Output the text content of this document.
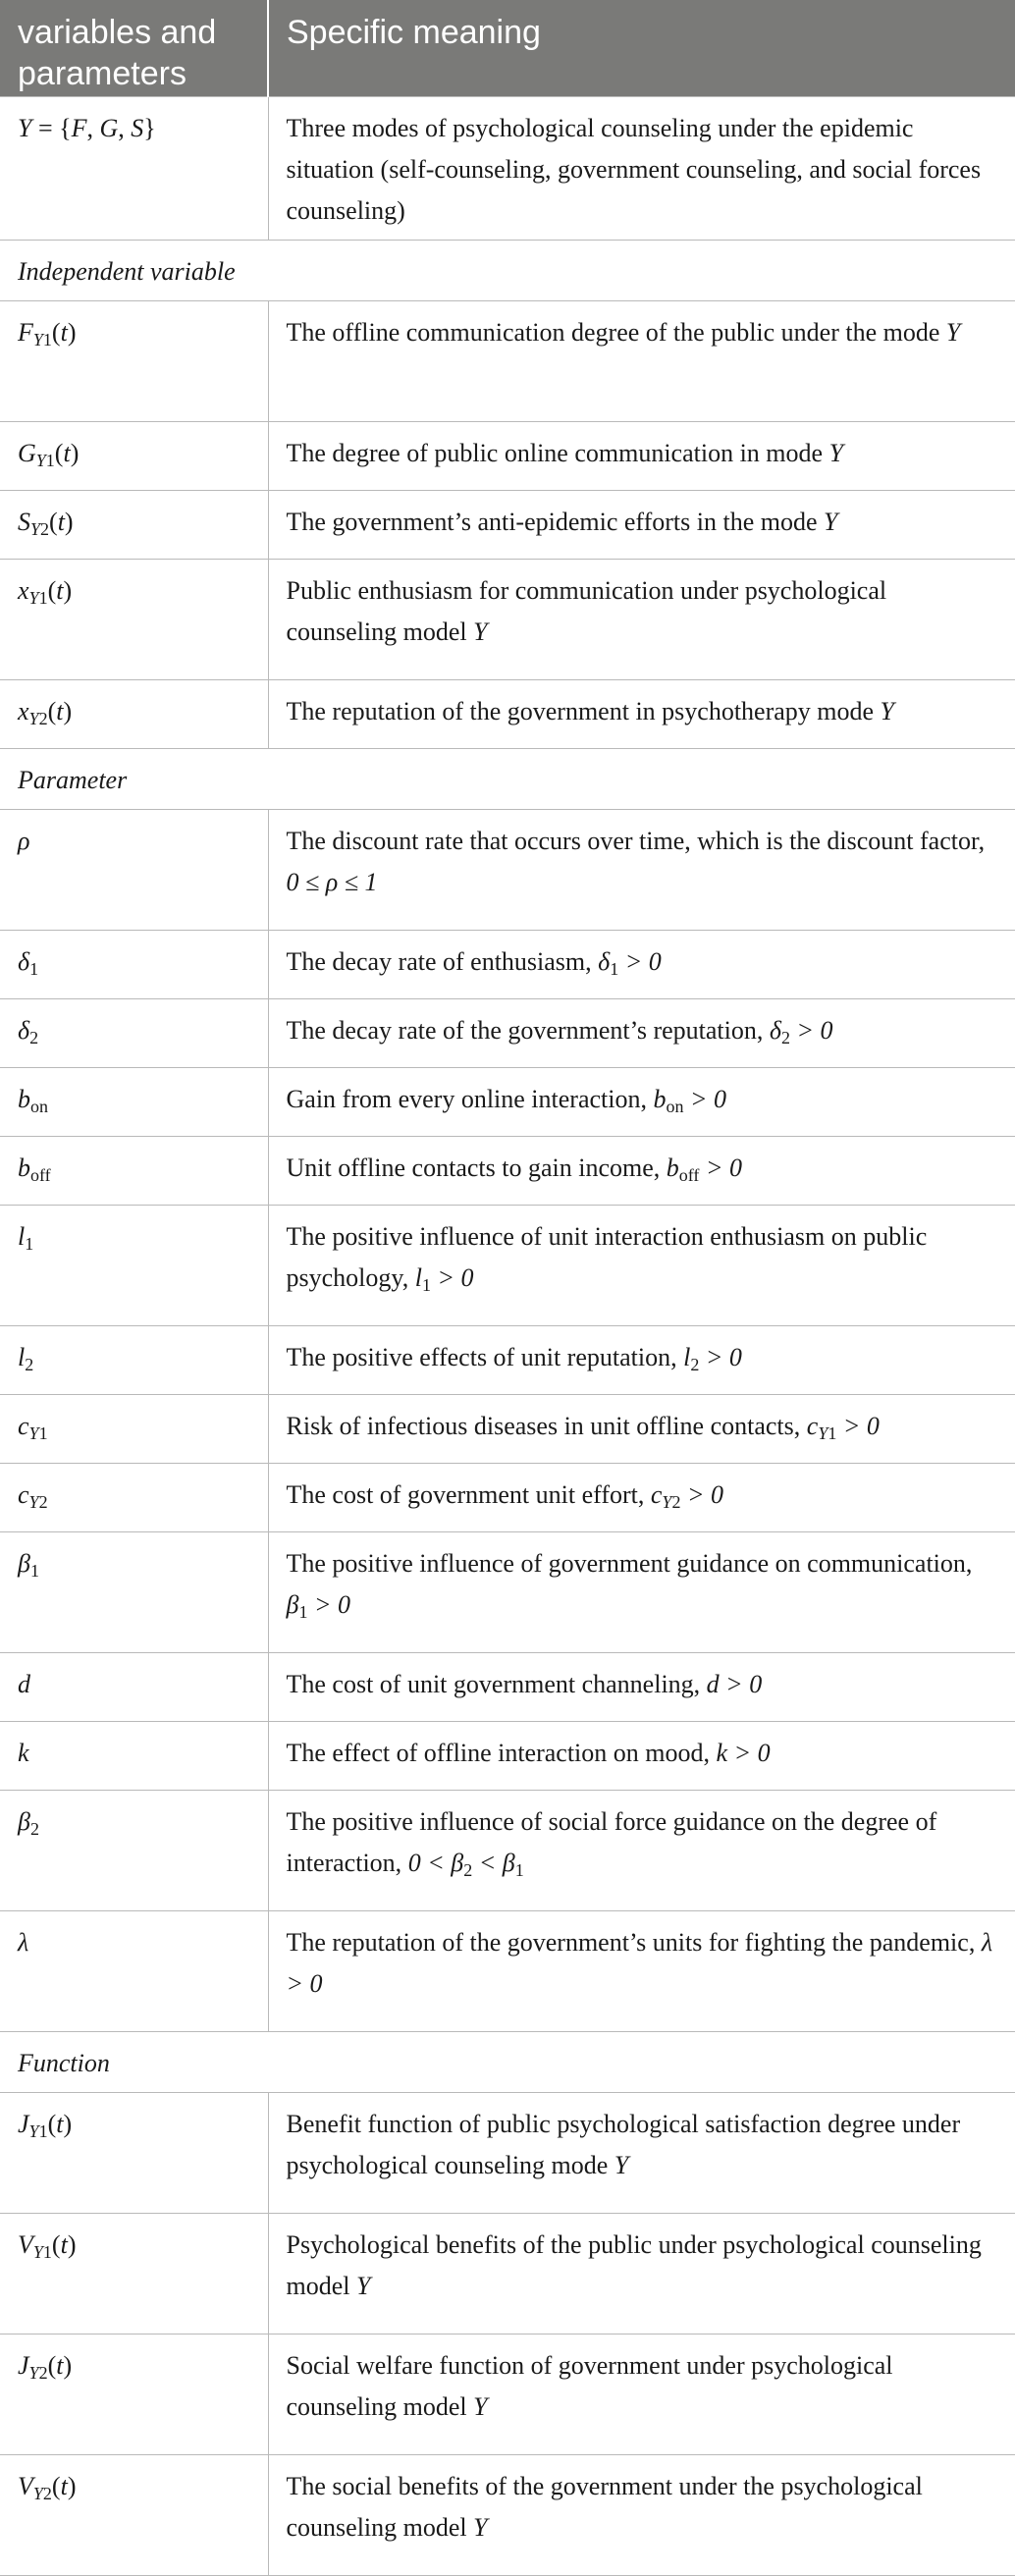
variables and parameters	Specific meaning
Y = {F, G, S}	Three modes of psychological counseling under the epidemic situation (self-counseling, government counseling, and social forces counseling)
Independent variable	
$F_{Y1}(t)$	The offline communication degree of the public under the mode Y
$G_{Y1}(t)$	The degree of public online communication in mode Y
$S_{Y2}(t)$	The government’s anti-epidemic efforts in the mode Y
$x_{Y1}(t)$	Public enthusiasm for communication under psychological counseling model Y
$x_{Y2}(t)$	The reputation of the government in psychotherapy mode Y
Parameter	
ρ	The discount rate that occurs over time, which is the discount factor, 0 ≤ ρ ≤ 1
$\delta_1$	The decay rate of enthusiasm, $\delta_1 > 0$
$\delta_2$	The decay rate of the government’s reputation, $\delta_2 > 0$
$b_{on}$	Gain from every online interaction, $b_{on} > 0$
$b_{off}$	Unit offline contacts to gain income, $b_{off} > 0$
$l_1$	The positive influence of unit interaction enthusiasm on public psychology, $l_1 > 0$
$l_2$	The positive effects of unit reputation, $l_2 > 0$
$c_{Y1}$	Risk of infectious diseases in unit offline contacts, $c_{Y1} > 0$
$c_{Y2}$	The cost of government unit effort, $c_{Y2} > 0$
$\beta_1$	The positive influence of government guidance on communication, $\beta_1 > 0$
d	The cost of unit government channeling, d > 0
k	The effect of offline interaction on mood, k > 0
$\beta_2$	The positive influence of social force guidance on the degree of interaction, $0 < \beta_2 < \beta_1$
λ	The reputation of the government’s units for fighting the pandemic, λ > 0
Function	
$J_{Y1}(t)$	Benefit function of public psychological satisfaction degree under psychological counseling mode Y
$V_{Y1}(t)$	Psychological benefits of the public under psychological counseling model Y
$J_{Y2}(t)$	Social welfare function of government under psychological counseling model Y
$V_{Y2}(t)$	The social benefits of the government under the psychological counseling model Y
